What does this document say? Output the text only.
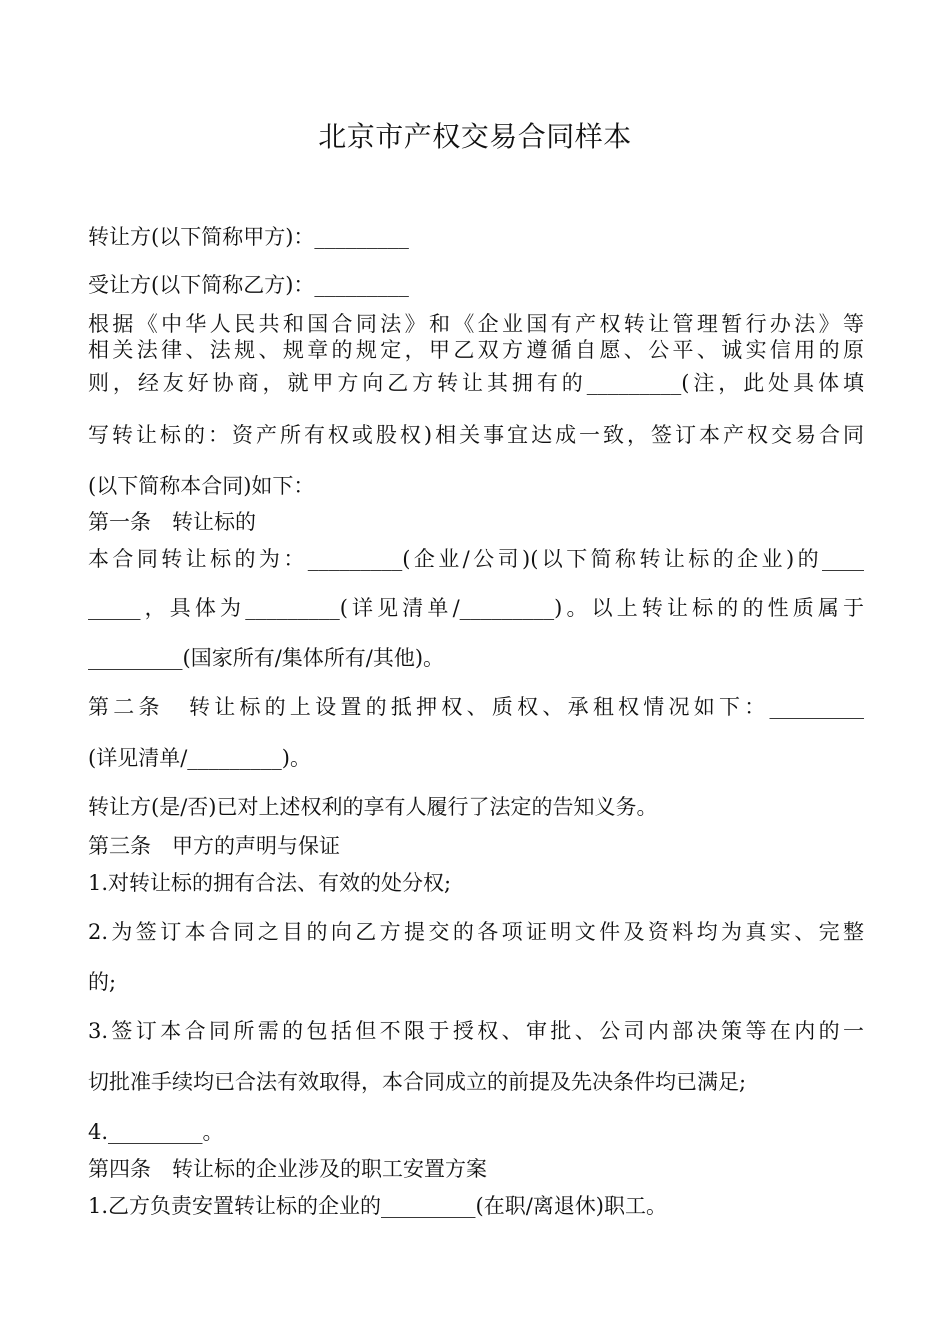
北京市产权交易合同样本
转让方(以下简称甲方)：_________
受让方(以下简称乙方)：_________
根据《中华人民共和国合同法》和《企业国有产权转让管理暂行办法》等
相关法律、法规、规章的规定，甲乙双方遵循自愿、公平、诚实信用的原
则，经友好协商，就甲方向乙方转让其拥有的_________(注，此处具体填
写转让标的：资产所有权或股权)相关事宜达成一致，签订本产权交易合同
(以下简称本合同)如下：
第一条　转让标的
本合同转让标的为：_________(企业/公司)(以下简称转让标的企业)的____
_____，具体为_________(详见清单/_________)。以上转让标的的性质属于
_________(国家所有/集体所有/其他)。
第二条　转让标的上设置的抵押权、质权、承租权情况如下：_________
(详见清单/_________)。
转让方(是/否)已对上述权利的享有人履行了法定的告知义务。
第三条　甲方的声明与保证
1.对转让标的拥有合法、有效的处分权;
2.为签订本合同之目的向乙方提交的各项证明文件及资料均为真实、完整
的;
3.签订本合同所需的包括但不限于授权、审批、公司内部决策等在内的一
切批准手续均已合法有效取得，本合同成立的前提及先决条件均已满足;
4._________。
第四条　转让标的企业涉及的职工安置方案
1.乙方负责安置转让标的企业的_________(在职/离退休)职工。
